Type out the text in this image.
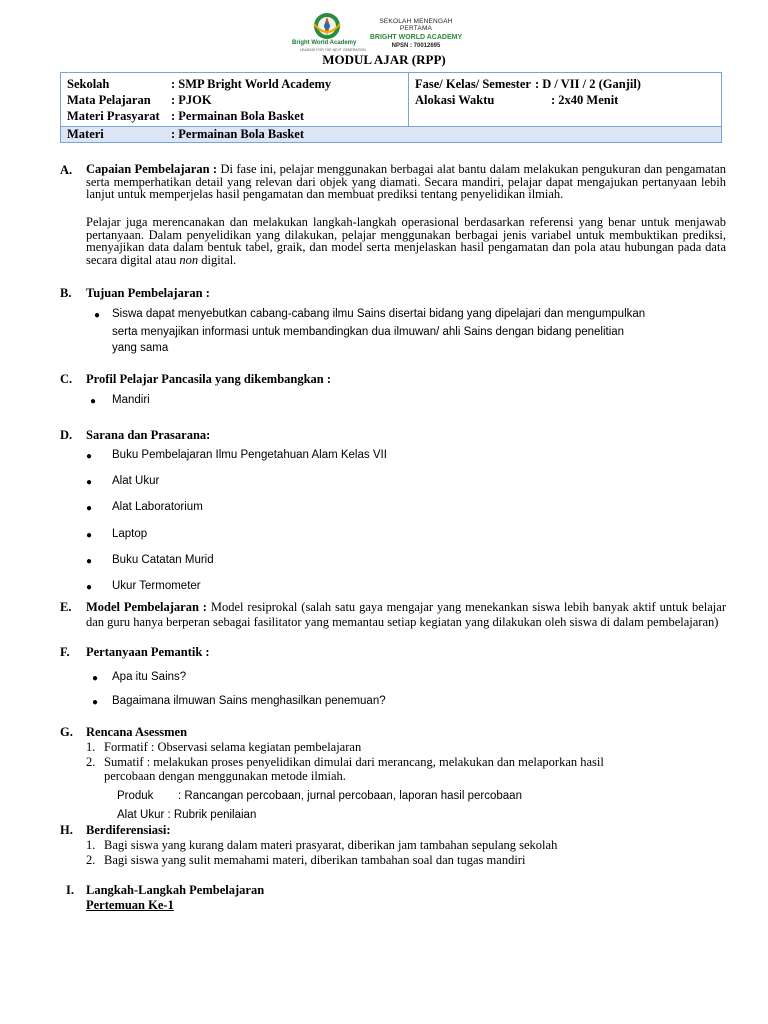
Bright World Academy
LEADING FOR THE NEXT GENERATION
SEKOLAH MENENGAH PERTAMA
BRIGHT WORLD ACADEMY
NPSN : 70012695
MODUL AJAR (RPP)
Sekolah	: SMP Bright World Academy
Mata Pelajaran	: PJOK
Materi Prasyarat : Permainan Bola Basket
Fase/ Kelas/ Semester : D / VII / 2 (Ganjil)
Alokasi Waktu	: 2x40 Menit
Materi	: Permainan Bola Basket
A. Capaian Pembelajaran : Di fase ini, pelajar menggunakan berbagai alat bantu dalam melakukan pengukuran dan pengamatan serta memperhatikan detail yang relevan dari objek yang diamati. Secara mandiri, pelajar dapat mengajukan pertanyaan lebih lanjut untuk memperjelas hasil pengamatan dan membuat prediksi tentang penyelidikan ilmiah.
Pelajar juga merencanakan dan melakukan langkah-langkah operasional berdasarkan referensi yang benar untuk menjawab pertanyaan. Dalam penyelidikan yang dilakukan, pelajar menggunakan berbagai jenis variabel untuk membuktikan prediksi, menyajikan data dalam bentuk tabel, graik, dan model serta menjelaskan hasil pengamatan dan pola atau hubungan pada data secara digital atau non digital.
B. Tujuan Pembelajaran :
● Siswa dapat menyebutkan cabang-cabang ilmu Sains disertai bidang yang dipelajari dan mengumpulkan
serta menyajikan informasi untuk membandingkan dua ilmuwan/ ahli Sains dengan bidang penelitian
yang sama
C. Profil Pelajar Pancasila yang dikembangkan :
● Mandiri
D. Sarana dan Prasarana:
● Buku Pembelajaran Ilmu Pengetahuan Alam Kelas VII
● Alat Ukur
● Alat Laboratorium
● Laptop
● Buku Catatan Murid
● Ukur Termometer
E. Model Pembelajaran : Model resiprokal (salah satu gaya mengajar yang menekankan siswa lebih banyak aktif untuk belajar dan guru hanya berperan sebagai fasilitator yang memantau setiap kegiatan yang dilakukan oleh siswa di dalam pembelajaran)
F. Pertanyaan Pemantik :
● Apa itu Sains?
● Bagaimana ilmuwan Sains menghasilkan penemuan?
G. Rencana Asessmen
1. Formatif : Observasi selama kegiatan pembelajaran
2. Sumatif : melakukan proses penyelidikan dimulai dari merancang, melakukan dan melaporkan hasil
percobaan dengan menggunakan metode ilmiah.
Produk : Rancangan percobaan, jurnal percobaan, laporan hasil percobaan
Alat Ukur : Rubrik penilaian
H. Berdiferensiasi:
1. Bagi siswa yang kurang dalam materi prasyarat, diberikan jam tambahan sepulang sekolah
2. Bagi siswa yang sulit memahami materi, diberikan tambahan soal dan tugas mandiri
I. Langkah-Langkah Pembelajaran
Pertemuan Ke-1
